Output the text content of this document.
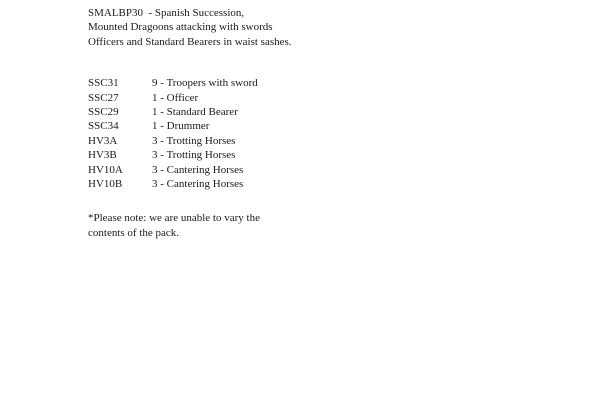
SMALBP30  - Spanish Succession,
Mounted Dragoons attacking with swords
Officers and Standard Bearers in waist sashes.
SSC31	9 - Troopers with sword
SSC27	1 - Officer
SSC29	1 - Standard Bearer
SSC34	1 - Drummer
HV3A	3 - Trotting Horses
HV3B	3 - Trotting Horses
HV10A	3 - Cantering Horses
HV10B	3 - Cantering Horses
*Please note: we are unable to vary the
contents of the pack.
